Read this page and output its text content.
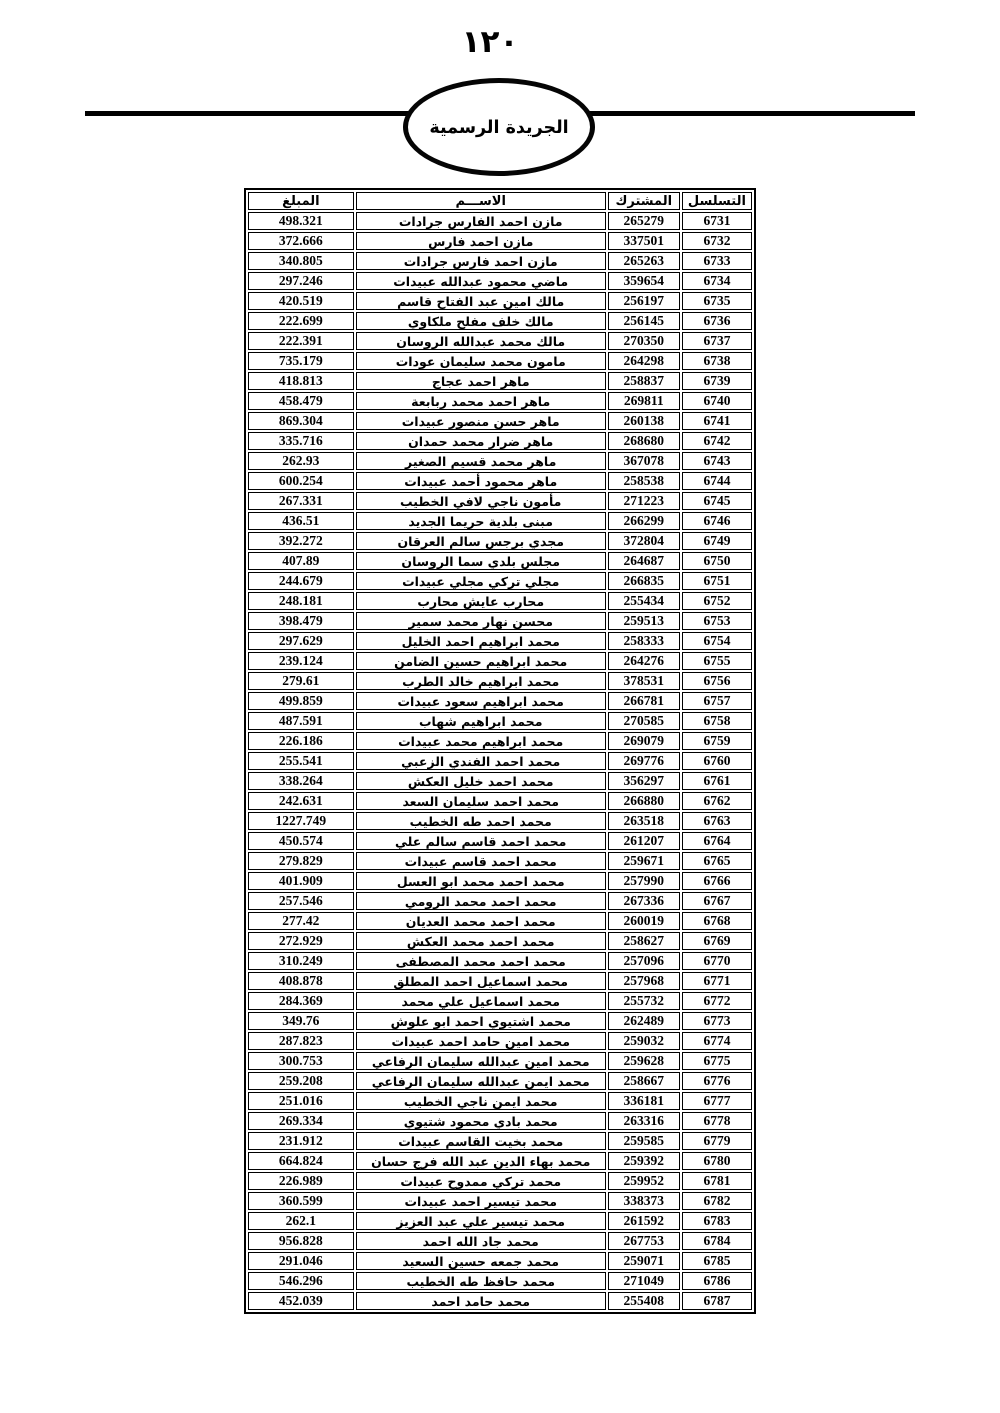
١٢٠
الجريدة الرسمية
التسلسل	المشترك	الاســـم	المبلغ
6731	265279	مازن احمد الفارس جرادات	498.321
6732	337501	مازن احمد فارس	372.666
6733	265263	مازن احمد فارس جرادات	340.805
6734	359654	ماضي محمود عبدالله عبيدات	297.246
6735	256197	مالك امين عبد الفتاح قاسم	420.519
6736	256145	مالك خلف مفلح ملكاوي	222.699
6737	270350	مالك محمد عبدالله الروسان	222.391
6738	264298	مامون محمد سليمان عودات	735.179
6739	258837	ماهر احمد عجاج	418.813
6740	269811	ماهر احمد محمد ربابعة	458.479
6741	260138	ماهر حسن منصور عبيدات	869.304
6742	268680	ماهر ضرار محمد حمدان	335.716
6743	367078	ماهر محمد قسيم الصغير	262.93
6744	258538	ماهر محمود أحمد عبيدات	600.254
6745	271223	مأمون ناجي لافي الخطيب	267.331
6746	266299	مبنى بلدية حريما الجديد	436.51
6749	372804	مجدي برجس سالم العرقان	392.272
6750	264687	مجلس بلدي سما الروسان	407.89
6751	266835	مجلي تركي مجلي عبيدات	244.679
6752	255434	محارب عايش محارب	248.181
6753	259513	محسن نهار محمد سمير	398.479
6754	258333	محمد ابراهيم احمد الخليل	297.629
6755	264276	محمد ابراهيم حسين الضامن	239.124
6756	378531	محمد ابراهيم خالد الطرب	279.61
6757	266781	محمد ابراهيم سعود عبيدات	499.859
6758	270585	محمد ابراهيم شهاب	487.591
6759	269079	محمد ابراهيم محمد عبيدات	226.186
6760	269776	محمد احمد الفندي الزعبي	255.541
6761	356297	محمد احمد خليل العكش	338.264
6762	266880	محمد احمد سليمان السعد	242.631
6763	263518	محمد احمد طه الخطيب	1227.749
6764	261207	محمد احمد قاسم سالم علي	450.574
6765	259671	محمد احمد قاسم عبيدات	279.829
6766	257990	محمد احمد محمد ابو العسل	401.909
6767	267336	محمد احمد محمد الرومي	257.546
6768	260019	محمد احمد محمد العديان	277.42
6769	258627	محمد احمد محمد العكش	272.929
6770	257096	محمد احمد محمد المصطفى	310.249
6771	257968	محمد اسماعيل احمد المطلق	408.878
6772	255732	محمد اسماعيل علي محمد	284.369
6773	262489	محمد اشتيوي احمد ابو علوش	349.76
6774	259032	محمد امين حامد احمد عبيدات	287.823
6775	259628	محمد امين عبدالله سليمان الرفاعي	300.753
6776	258667	محمد ايمن عبدالله سليمان الرفاعي	259.208
6777	336181	محمد ايمن ناجي الخطيب	251.016
6778	263316	محمد بادي محمود شتيوي	269.334
6779	259585	محمد بخيت القاسم عبيدات	231.912
6780	259392	محمد بهاء الدين عبد الله فرج حسان	664.824
6781	259952	محمد تركي ممدوح عبيدات	226.989
6782	338373	محمد تيسير احمد عبيدات	360.599
6783	261592	محمد تيسير علي عبد العزيز	262.1
6784	267753	محمد جاد الله احمد	956.828
6785	259071	محمد جمعه حسين السعيد	291.046
6786	271049	محمد حافظ طه الخطيب	546.296
6787	255408	محمد حامد احمد	452.039
